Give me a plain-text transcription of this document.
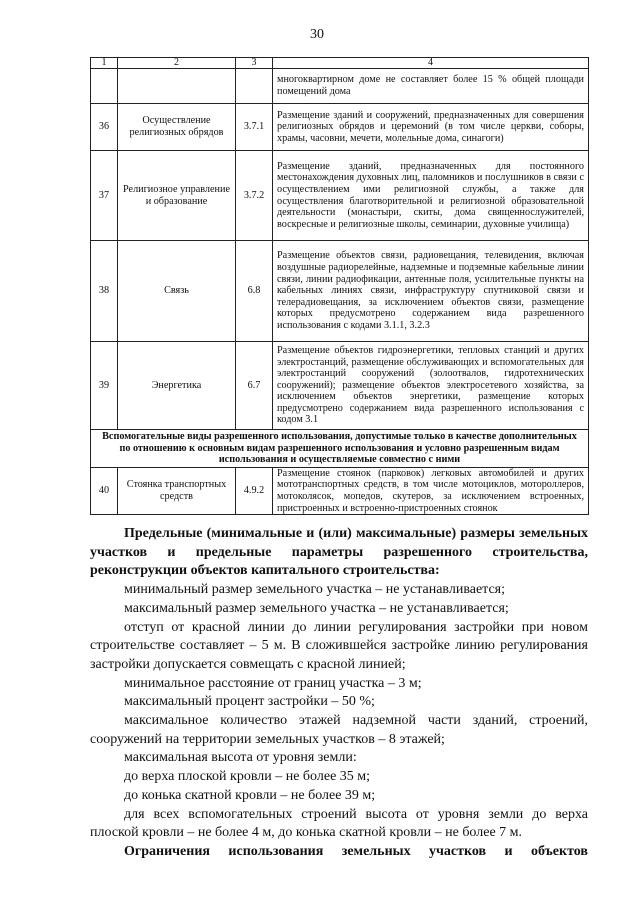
30
1	2	3	4
			многоквартирном доме не составляет более 15 % общей площади помещений дома
36	Осуществление религиозных обрядов	3.7.1	Размещение зданий и сооружений, предназначенных для совершения религиозных обрядов и церемоний (в том числе церкви, соборы, храмы, часовни, мечети, молельные дома, синагоги)
37	Религиозное управление и образование	3.7.2	Размещение зданий, предназначенных для постоянного местонахождения духовных лиц, паломников и послушников в связи с осуществлением ими религиозной службы, а также для осуществления благотворительной и религиозной образовательной деятельности (монастыри, скиты, дома священнослужителей, воскресные и религиозные школы, семинарии, духовные училища)
38	Связь	6.8	Размещение объектов связи, радиовещания, телевидения, включая воздушные радиорелейные, надземные и подземные кабельные линии связи, линии радиофикации, антенные поля, усилительные пункты на кабельных линиях связи, инфраструктуру спутниковой связи и телерадиовещания, за исключением объектов связи, размещение которых предусмотрено содержанием вида разрешенного использования с кодами 3.1.1, 3.2.3
39	Энергетика	6.7	Размещение объектов гидроэнергетики, тепловых станций и других электростанций, размещение обслуживающих и вспомогательных для электростанций сооружений (золоотвалов, гидротехнических сооружений); размещение объектов электросетевого хозяйства, за исключением объектов энергетики, размещение которых предусмотрено содержанием вида разрешенного использования с кодом 3.1
Вспомогательные виды разрешенного использования, допустимые только в качестве дополнительных по отношению к основным видам разрешенного использования и условно разрешенным видам использования и осуществляемые совместно с ними			
40	Стоянка транспортных средств	4.9.2	Размещение стоянок (парковок) легковых автомобилей и других мототранспортных средств, в том числе мотоциклов, мотороллеров, мотоколясок, мопедов, скутеров, за исключением встроенных, пристроенных и встроенно-пристроенных стоянок

Предельные (минимальные и (или) максимальные) размеры земельных участков и предельные параметры разрешенного строительства, реконструкции объектов капитального строительства:

минимальный размер земельного участка – не устанавливается;

максимальный размер земельного участка – не устанавливается;

отступ от красной линии до линии регулирования застройки при новом строительстве составляет – 5 м. В сложившейся застройке линию регулирования застройки допускается совмещать с красной линией;

минимальное расстояние от границ участка – 3 м;

максимальный процент застройки – 50 %;

максимальное количество этажей надземной части зданий, строений, сооружений на территории земельных участков – 8 этажей;

максимальная высота от уровня земли:

до верха плоской кровли – не более 35 м;

до конька скатной кровли – не более 39 м;

для всех вспомогательных строений высота от уровня земли до верха плоской кровли – не более 4 м, до конька скатной кровли – не более 7 м.

Ограничения использования земельных участков и объектов
